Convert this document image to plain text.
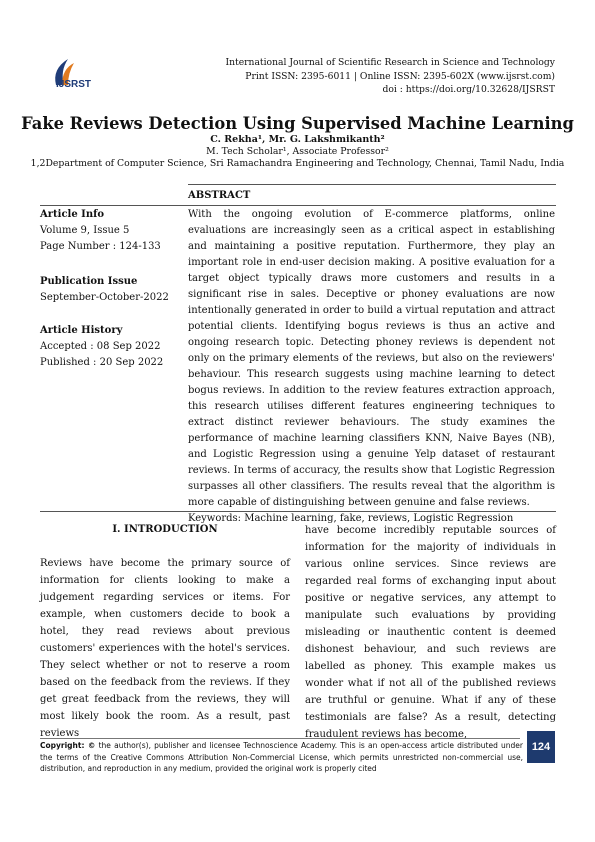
IJSRST
International Journal of Scientific Research in Science and Technology
Print ISSN: 2395-6011 | Online ISSN: 2395-602X (www.ijsrst.com)
doi : https://doi.org/10.32628/IJSRST
Fake Reviews Detection Using Supervised Machine Learning
C. Rekha¹, Mr. G. Lakshmikanth²
M. Tech Scholar¹, Associate Professor²
1,2Department of Computer Science, Sri Ramachandra Engineering and Technology, Chennai, Tamil Nadu, India
ABSTRACT
Article Info
Volume 9, Issue 5
Page Number : 124-133
Publication Issue
September-October-2022
Article History
Accepted : 08 Sep 2022
Published : 20 Sep 2022
With the ongoing evolution of E-commerce platforms, online evaluations are increasingly seen as a critical aspect in establishing and maintaining a positive reputation. Furthermore, they play an important role in end-user decision making. A positive evaluation for a target object typically draws more customers and results in a significant rise in sales. Deceptive or phoney evaluations are now intentionally generated in order to build a virtual reputation and attract potential clients. Identifying bogus reviews is thus an active and ongoing research topic. Detecting phoney reviews is dependent not only on the primary elements of the reviews, but also on the reviewers' behaviour. This research suggests using machine learning to detect bogus reviews. In addition to the review features extraction approach, this research utilises different features engineering techniques to extract distinct reviewer behaviours. The study examines the performance of machine learning classifiers KNN, Naive Bayes (NB), and Logistic Regression using a genuine Yelp dataset of restaurant reviews. In terms of accuracy, the results show that Logistic Regression surpasses all other classifiers. The results reveal that the algorithm is more capable of distinguishing between genuine and false reviews.
Keywords: Machine learning, fake, reviews, Logistic Regression
I. INTRODUCTION
Reviews have become the primary source of information for clients looking to make a judgement regarding services or items. For example, when customers decide to book a hotel, they read reviews about previous customers' experiences with the hotel's services. They select whether or not to reserve a room based on the feedback from the reviews. If they get great feedback from the reviews, they will most likely book the room. As a result, past reviews
have become incredibly reputable sources of information for the majority of individuals in various online services. Since reviews are regarded real forms of exchanging input about positive or negative services, any attempt to manipulate such evaluations by providing misleading or inauthentic content is deemed dishonest behaviour, and such reviews are labelled as phoney. This example makes us wonder what if not all of the published reviews are truthful or genuine. What if any of these testimonials are false? As a result, detecting fraudulent reviews has become,
Copyright: © the author(s), publisher and licensee Technoscience Academy. This is an open-access article distributed under the terms of the Creative Commons Attribution Non-Commercial License, which permits unrestricted non-commercial use, distribution, and reproduction in any medium, provided the original work is properly cited
124
